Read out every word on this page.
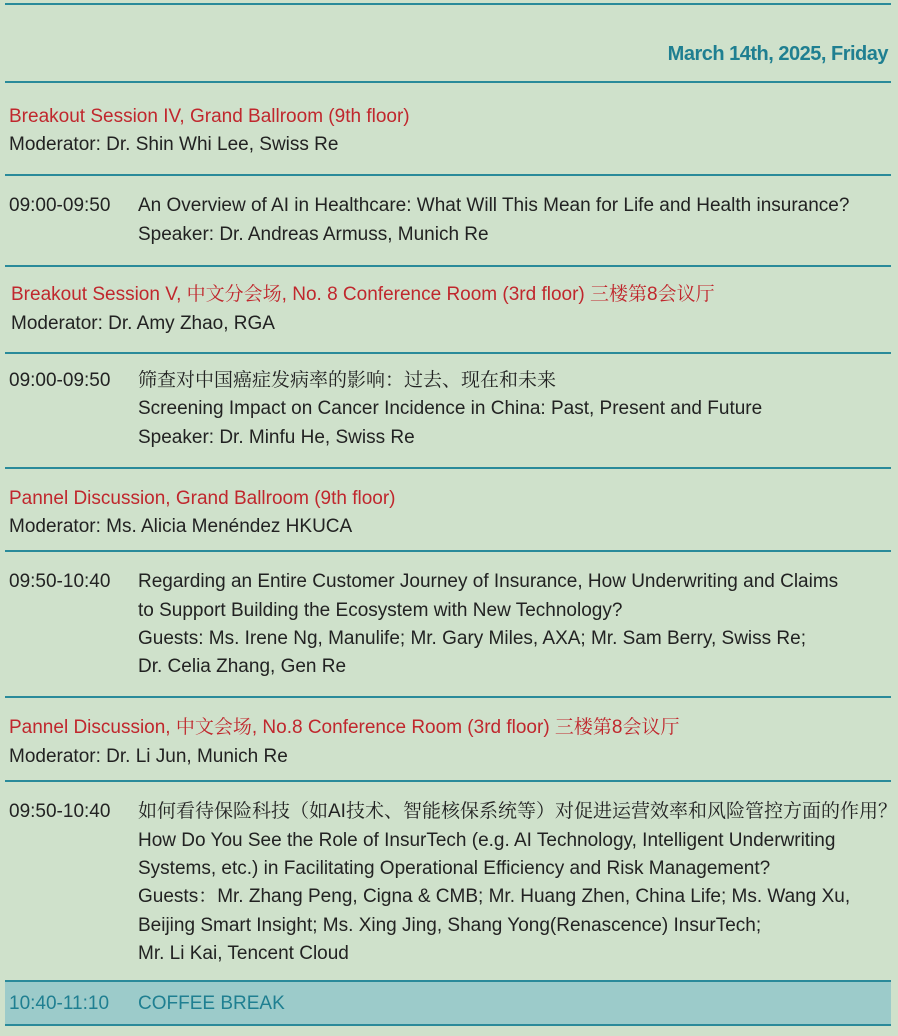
March 14th, 2025, Friday
Breakout Session IV, Grand Ballroom (9th floor)
Moderator: Dr. Shin Whi Lee, Swiss Re
09:00-09:50 An Overview of AI in Healthcare: What Will This Mean for Life and Health insurance?
Speaker: Dr. Andreas Armuss, Munich Re
Breakout Session V, 中文分会场, No. 8 Conference Room (3rd floor) 三楼第8会议厅
Moderator: Dr. Amy Zhao, RGA
09:00-09:50 筛查对中国癌症发病率的影响：过去、现在和未来
Screening Impact on Cancer Incidence in China: Past, Present and Future
Speaker: Dr. Minfu He, Swiss Re
Pannel Discussion, Grand Ballroom (9th floor)
Moderator: Ms. Alicia Menéndez HKUCA
09:50-10:40 Regarding an Entire Customer Journey of Insurance, How Underwriting and Claims
to Support Building the Ecosystem with New Technology?
Guests: Ms. Irene Ng, Manulife; Mr. Gary Miles, AXA; Mr. Sam Berry, Swiss Re;
Dr. Celia Zhang, Gen Re
Pannel Discussion, 中文会场, No.8 Conference Room (3rd floor) 三楼第8会议厅
Moderator: Dr. Li Jun, Munich Re
09:50-10:40 如何看待保险科技（如AI技术、智能核保系统等）对促进运营效率和风险管控方面的作用？
How Do You See the Role of InsurTech (e.g. AI Technology, Intelligent Underwriting
Systems, etc.) in Facilitating Operational Efficiency and Risk Management?
Guests：Mr. Zhang Peng, Cigna & CMB; Mr. Huang Zhen, China Life; Ms. Wang Xu,
Beijing Smart Insight; Ms. Xing Jing, Shang Yong(Renascence) InsurTech;
Mr. Li Kai, Tencent Cloud
10:40-11:10 COFFEE BREAK
